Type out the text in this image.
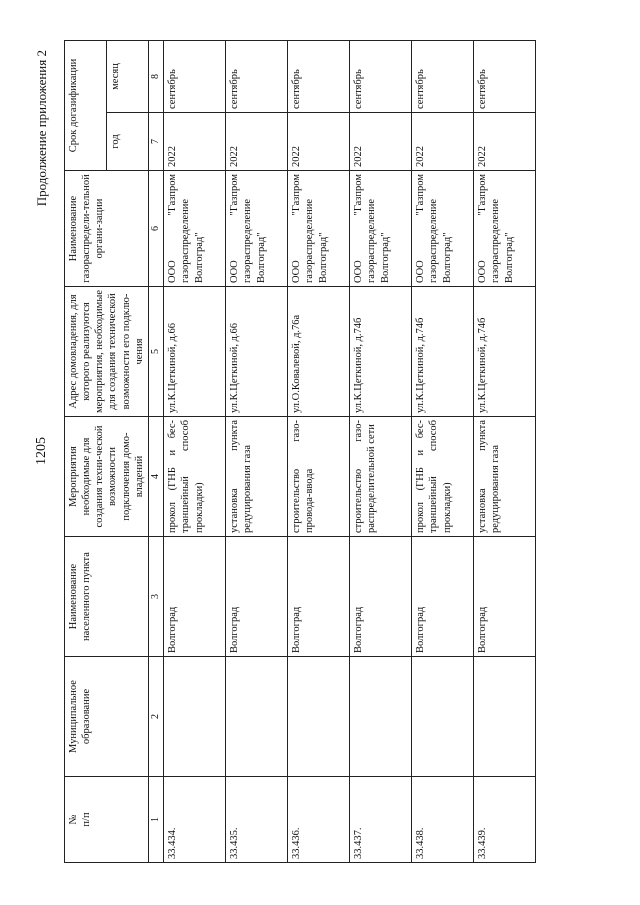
1205
Продолжение приложения 2
№
п/п	Муниципальное образование	Наименование населенного пункта	Мероприятия необходимые для создания техни-ческой возможности подключения домо-владений	Адрес домовладения, для которого реализуются мероприятия, необходимые для создания технической возможности его подклю-чения	Наименование газораспредели-тельной органи-зации	Срок догазификации	
						год	месяц
1	2	3	4	5	6	7	8
33.434.		Волгоград	прокол (ГНБ и бес-траншейный способ прокладки)	ул.К.Цеткиной, д.66	ООО "Газпром газораспределение Волгоград"	2022	сентябрь
33.435.		Волгоград	установка пункта редуцирования газа	ул.К.Цеткиной, д.66	ООО "Газпром газораспределение Волгоград"	2022	сентябрь
33.436.		Волгоград	строительство газо-провода-ввода	ул.О.Ковалевой, д.76а	ООО "Газпром газораспределение Волгоград"	2022	сентябрь
33.437.		Волгоград	строительство газо-распределительной сети	ул.К.Цеткиной, д.74б	ООО "Газпром газораспределение Волгоград"	2022	сентябрь
33.438.		Волгоград	прокол (ГНБ и бес-траншейный способ прокладки)	ул.К.Цеткиной, д.74б	ООО "Газпром газораспределение Волгоград"	2022	сентябрь
33.439.		Волгоград	установка пункта редуцирования газа	ул.К.Цеткиной, д.74б	ООО "Газпром газораспределение Волгоград"	2022	сентябрь
